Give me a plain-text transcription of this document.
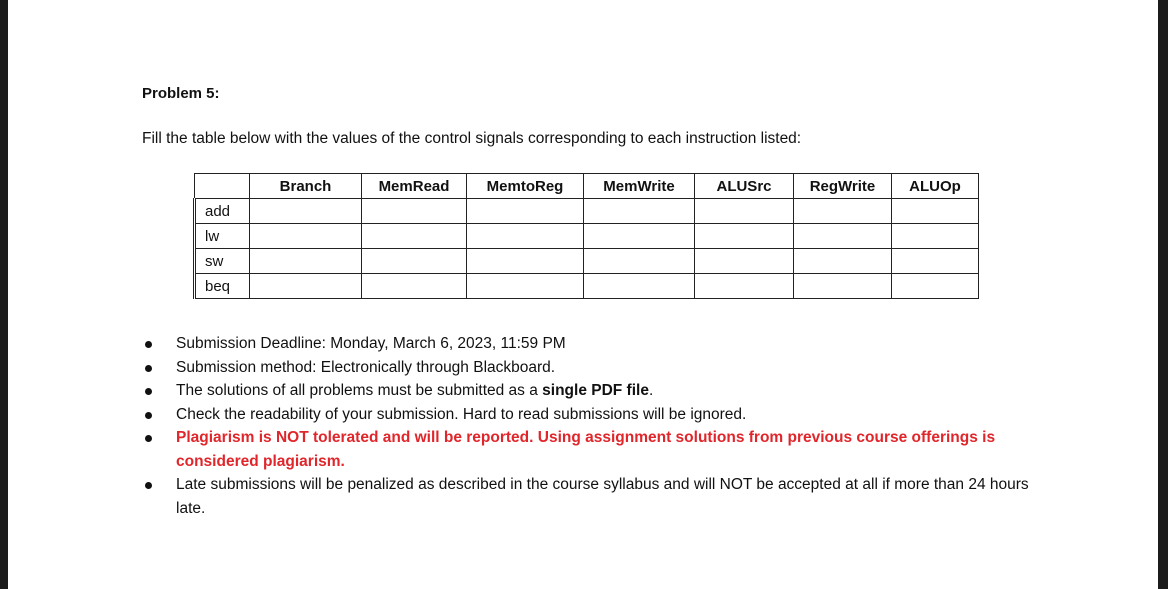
Problem 5:

Fill the table below with the values of the control signals corresponding to each instruction listed:

	Branch	MemRead	MemtoReg	MemWrite	ALUSrc	RegWrite	ALUOp
add							
lw							
sw							
beq							
Submission Deadline: Monday, March 6, 2023, 11:59 PM
Submission method: Electronically through Blackboard.
The solutions of all problems must be submitted as a single PDF file.
Check the readability of your submission. Hard to read submissions will be ignored.
Plagiarism is NOT tolerated and will be reported. Using assignment solutions from previous course offerings is considered plagiarism.
Late submissions will be penalized as described in the course syllabus and will NOT be accepted at all if more than 24 hours late.
